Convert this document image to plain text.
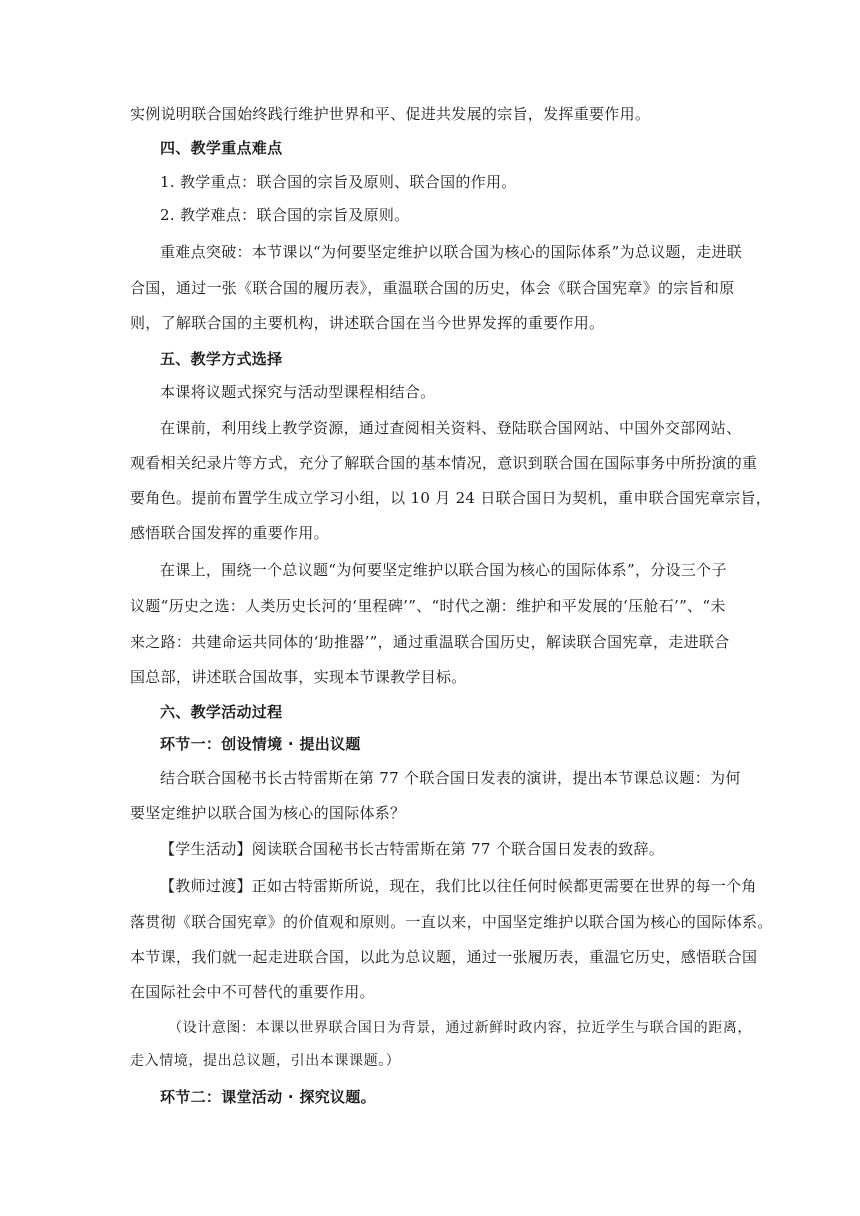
实例说明联合国始终践行维护世界和平、促进共发展的宗旨，发挥重要作用。
四、教学重点难点
1. 教学重点：联合国的宗旨及原则、联合国的作用。
2. 教学难点：联合国的宗旨及原则。
重难点突破：本节课以“为何要坚定维护以联合国为核心的国际体系”为总议题，走进联
合国，通过一张《联合国的履历表》，重温联合国的历史，体会《联合国宪章》的宗旨和原
则，了解联合国的主要机构，讲述联合国在当今世界发挥的重要作用。
五、教学方式选择
本课将议题式探究与活动型课程相结合。
在课前，利用线上教学资源，通过查阅相关资料、登陆联合国网站、中国外交部网站、
观看相关纪录片等方式，充分了解联合国的基本情况，意识到联合国在国际事务中所扮演的重
要角色。提前布置学生成立学习小组，以 10 月 24 日联合国日为契机，重申联合国宪章宗旨，
感悟联合国发挥的重要作用。
在课上，围绕一个总议题“为何要坚定维护以联合国为核心的国际体系”，分设三个子
议题“历史之选：人类历史长河的‘里程碑’”、“时代之潮：维护和平发展的‘压舱石’”、“未
来之路：共建命运共同体的‘助推器’”，通过重温联合国历史，解读联合国宪章，走进联合
国总部，讲述联合国故事，实现本节课教学目标。
六、教学活动过程
环节一：创设情境 · 提出议题
结合联合国秘书长古特雷斯在第 77 个联合国日发表的演讲，提出本节课总议题：为何
要坚定维护以联合国为核心的国际体系？
【学生活动】阅读联合国秘书长古特雷斯在第 77 个联合国日发表的致辞。
【教师过渡】正如古特雷斯所说，现在，我们比以往任何时候都更需要在世界的每一个角
落贯彻《联合国宪章》的价值观和原则。一直以来，中国坚定维护以联合国为核心的国际体系。
本节课，我们就一起走进联合国，以此为总议题，通过一张履历表，重温它历史，感悟联合国
在国际社会中不可替代的重要作用。
（设计意图：本课以世界联合国日为背景，通过新鲜时政内容，拉近学生与联合国的距离，
走入情境，提出总议题，引出本课课题。）
环节二：课堂活动 · 探究议题。
